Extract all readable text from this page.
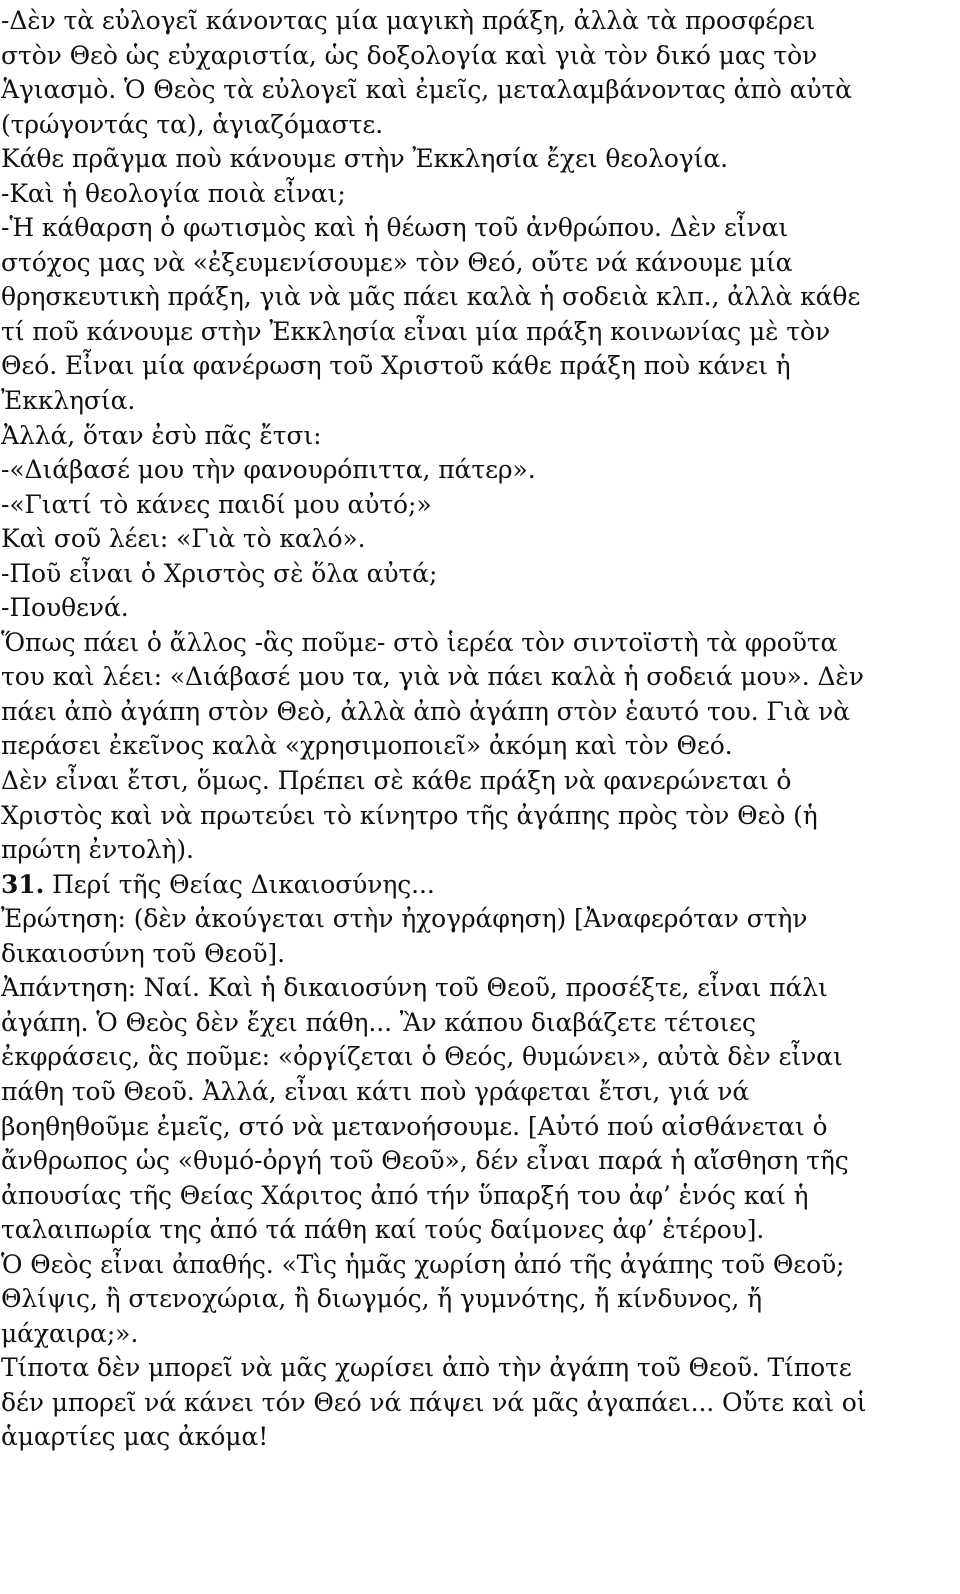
-Δὲν τὰ εὐλογεῖ κάνοντας μία μαγικὴ πράξη, ἀλλὰ τὰ προσφέρει
στὸν Θεὸ ὡς εὐχαριστία, ὡς δοξολογία καὶ γιὰ τὸν δικό μας τὸν
Ἁγιασμὸ. Ὁ Θεὸς τὰ εὐλογεῖ καὶ ἐμεῖς, μεταλαμβάνοντας ἀπὸ αὐτὰ
(τρώγοντάς τα), ἁγιαζόμαστε.
Κάθε πρᾶγμα ποὺ κάνουμε στὴν Ἐκκλησία ἔχει θεολογία.
-Καὶ ἡ θεολογία ποιὰ εἶναι;
-Ἡ κάθαρση ὁ φωτισμὸς καὶ ἡ θέωση τοῦ ἀνθρώπου. Δὲν εἶναι
στόχος μας νὰ «ἐξευμενίσουμε» τὸν Θεό, οὔτε νά κάνουμε μία
θρησκευτικὴ πράξη, γιὰ νὰ μᾶς πάει καλὰ ἡ σοδειὰ κλπ., ἀλλὰ κάθε
τί ποῦ κάνουμε στὴν Ἐκκλησία εἶναι μία πράξη κοινωνίας μὲ τὸν
Θεό. Εἶναι μία φανέρωση τοῦ Χριστοῦ κάθε πράξη ποὺ κάνει ἡ
Ἐκκλησία.
Ἀλλά, ὅταν ἐσὺ πᾶς ἔτσι:
-«Διάβασέ μου τὴν φανουρόπιττα, πάτερ».
-«Γιατί τὸ κάνες παιδί μου αὐτό;»
Καὶ σοῦ λέει: «Γιὰ τὸ καλό».
-Ποῦ εἶναι ὁ Χριστὸς σὲ ὅλα αὐτά;
-Πουθενά.
Ὅπως πάει ὁ ἄλλος -ἃς ποῦμε- στὸ ἱερέα τὸν σιντοϊστὴ τὰ φροῦτα
του καὶ λέει: «Διάβασέ μου τα, γιὰ νὰ πάει καλὰ ἡ σοδειά μου». Δὲν
πάει ἀπὸ ἀγάπη στὸν Θεὸ, ἀλλὰ ἀπὸ ἀγάπη στὸν ἑαυτό του. Γιὰ νὰ
περάσει ἐκεῖνος καλὰ «χρησιμοποιεῖ» ἀκόμη καὶ τὸν Θεό.
Δὲν εἶναι ἔτσι, ὅμως. Πρέπει σὲ κάθε πράξη νὰ φανερώνεται ὁ
Χριστὸς καὶ νὰ πρωτεύει τὸ κίνητρο τῆς ἀγάπης πρὸς τὸν Θεὸ (ἡ
πρώτη ἐντολὴ).
31. Περί τῆς Θείας Δικαιοσύνης...
Ἐρώτηση: (δὲν ἀκούγεται στὴν ἠχογράφηση) [Ἀναφερόταν στὴν
δικαιοσύνη τοῦ Θεοῦ].
Ἀπάντηση: Ναί. Καὶ ἡ δικαιοσύνη τοῦ Θεοῦ, προσέξτε, εἶναι πάλι
ἀγάπη. Ὁ Θεὸς δὲν ἔχει πάθη... Ἂν κάπου διαβάζετε τέτοιες
ἐκφράσεις, ἃς ποῦμε: «ὀργίζεται ὁ Θεός, θυμώνει», αὐτὰ δὲν εἶναι
πάθη τοῦ Θεοῦ. Ἀλλά, εἶναι κάτι ποὺ γράφεται ἔτσι, γιά νά
βοηθηθοῦμε ἐμεῖς, στό νὰ μετανοήσουμε. [Αὐτό πού αἰσθάνεται ὁ
ἄνθρωπος ὡς «θυμό-ὀργή τοῦ Θεοῦ», δέν εἶναι παρά ἡ αἴσθηση τῆς
ἀπουσίας τῆς Θείας Χάριτος ἀπό τήν ὕπαρξή του ἀφ’ ἑνός καί ἡ
ταλαιπωρία της ἀπό τά πάθη καί τούς δαίμονες ἀφ’ ἑτέρου].
Ὁ Θεὸς εἶναι ἀπαθής. «Τὶς ἡμᾶς χωρίση ἀπό τῆς ἀγάπης τοῦ Θεοῦ;
Θλίψις, ἢ στενοχώρια, ἢ διωγμός, ἤ γυμνότης, ἤ κίνδυνος, ἤ
μάχαιρα;».
Τίποτα δὲν μπορεῖ νὰ μᾶς χωρίσει ἀπὸ τὴν ἀγάπη τοῦ Θεοῦ. Τίποτε
δέν μπορεῖ νά κάνει τόν Θεό νά πάψει νά μᾶς ἀγαπάει... Οὔτε καὶ οἱ
ἁμαρτίες μας ἀκόμα!
